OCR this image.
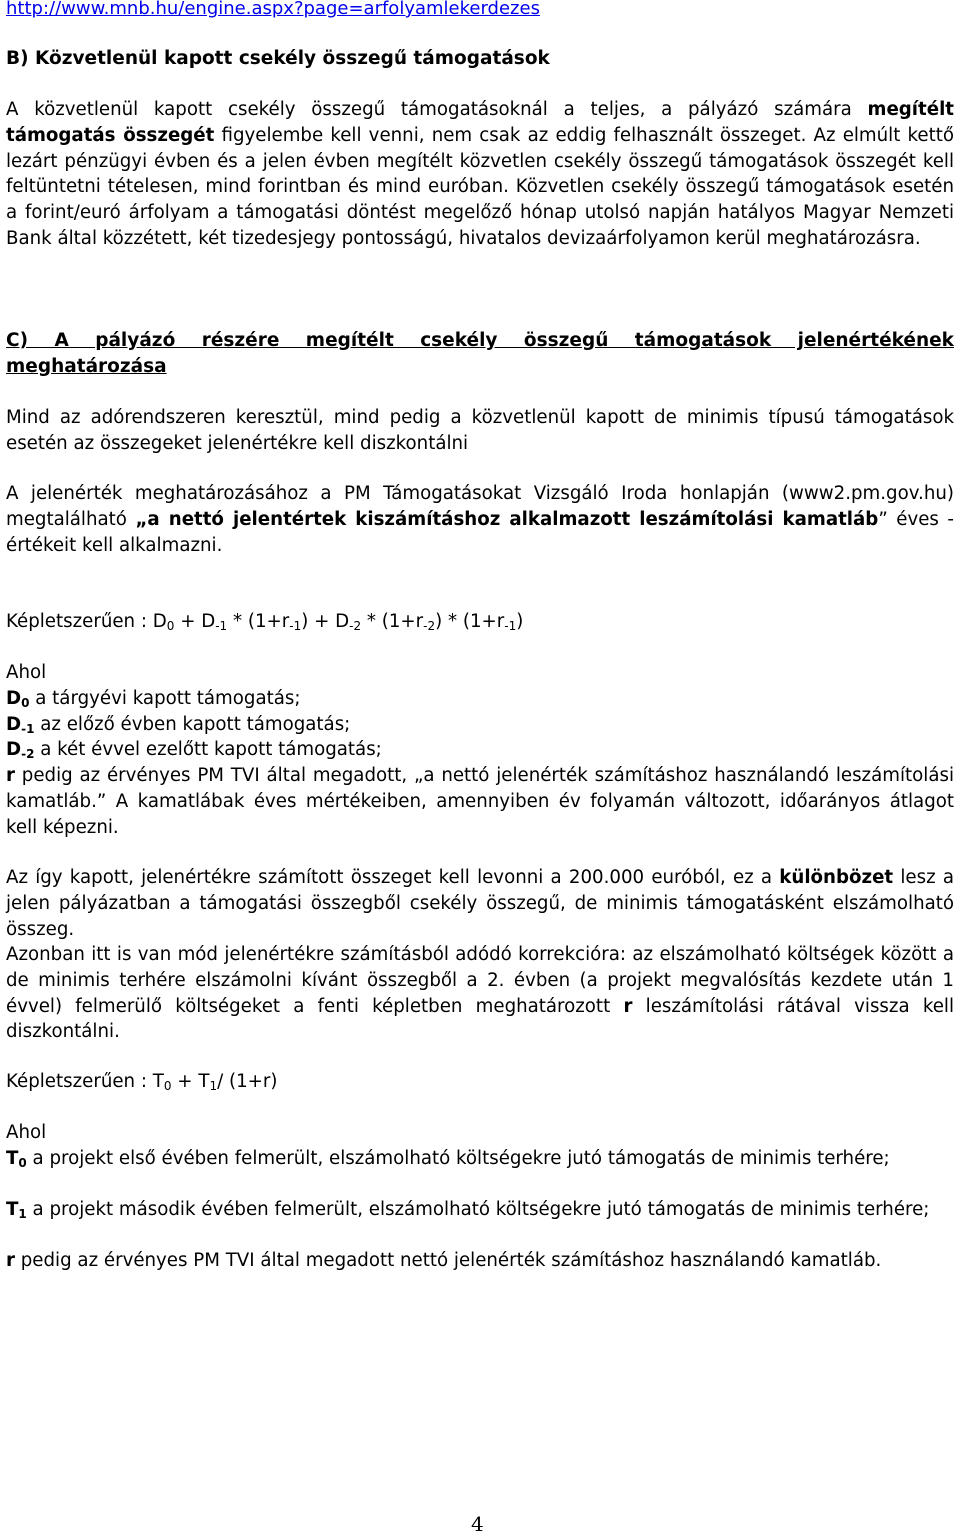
http://www.mnb.hu/engine.aspx?page=arfolyamlekerdezes
B) Közvetlenül kapott csekély összegű támogatások
A közvetlenül kapott csekély összegű támogatásoknál a teljes, a pályázó számára megítélt támogatás összegét figyelembe kell venni, nem csak az eddig felhasznált összeget. Az elmúlt kettő lezárt pénzügyi évben és a jelen évben megítélt közvetlen csekély összegű támogatások összegét kell feltüntetni tételesen, mind forintban és mind euróban. Közvetlen csekély összegű támogatások esetén a forint/euró árfolyam a támogatási döntést megelőző hónap utolsó napján hatályos Magyar Nemzeti Bank által közzétett, két tizedesjegy pontosságú, hivatalos devizaárfolyamon kerül meghatározásra.
C) A pályázó részére megítélt csekély összegű támogatások jelenértékének meghatározása
Mind az adórendszeren keresztül, mind pedig a közvetlenül kapott de minimis típusú támogatások esetén az összegeket jelenértékre kell diszkontálni
A jelenérték meghatározásához a PM Támogatásokat Vizsgáló Iroda honlapján (www2.pm.gov.hu) megtalálható „a nettó jelentértek kiszámításhoz alkalmazott leszámítolási kamatláb” éves - értékeit kell alkalmazni.
Képletszerűen : $D_0 + D_{-1} * (1+r_{-1}) + D_{-2} * (1+r_{-2}) * (1+r_{-1})$
Ahol
$D_0$ a tárgyévi kapott támogatás;
$D_{-1}$ az előző évben kapott támogatás;
$D_{-2}$ a két évvel ezelőtt kapott támogatás;
r pedig az érvényes PM TVI által megadott, „a nettó jelenérték számításhoz használandó leszámítolási kamatláb.” A kamatlábak éves mértékeiben, amennyiben év folyamán változott, időarányos átlagot kell képezni.
Az így kapott, jelenértékre számított összeget kell levonni a 200.000 euróból, ez a különbözet lesz a jelen pályázatban a támogatási összegből csekély összegű, de minimis támogatásként elszámolható összeg.
Azonban itt is van mód jelenértékre számításból adódó korrekcióra: az elszámolható költségek között a de minimis terhére elszámolni kívánt összegből a 2. évben (a projekt megvalósítás kezdete után 1 évvel) felmerülő költségeket a fenti képletben meghatározott r leszámítolási rátával vissza kell diszkontálni.
Képletszerűen : $T_0 + T_1/$ (1+r)
Ahol
$T_0$ a projekt első évében felmerült, elszámolható költségekre jutó támogatás de minimis terhére;
$T_1$ a projekt második évében felmerült, elszámolható költségekre jutó támogatás de minimis terhére;
r pedig az érvényes PM TVI által megadott nettó jelenérték számításhoz használandó kamatláb.
4
